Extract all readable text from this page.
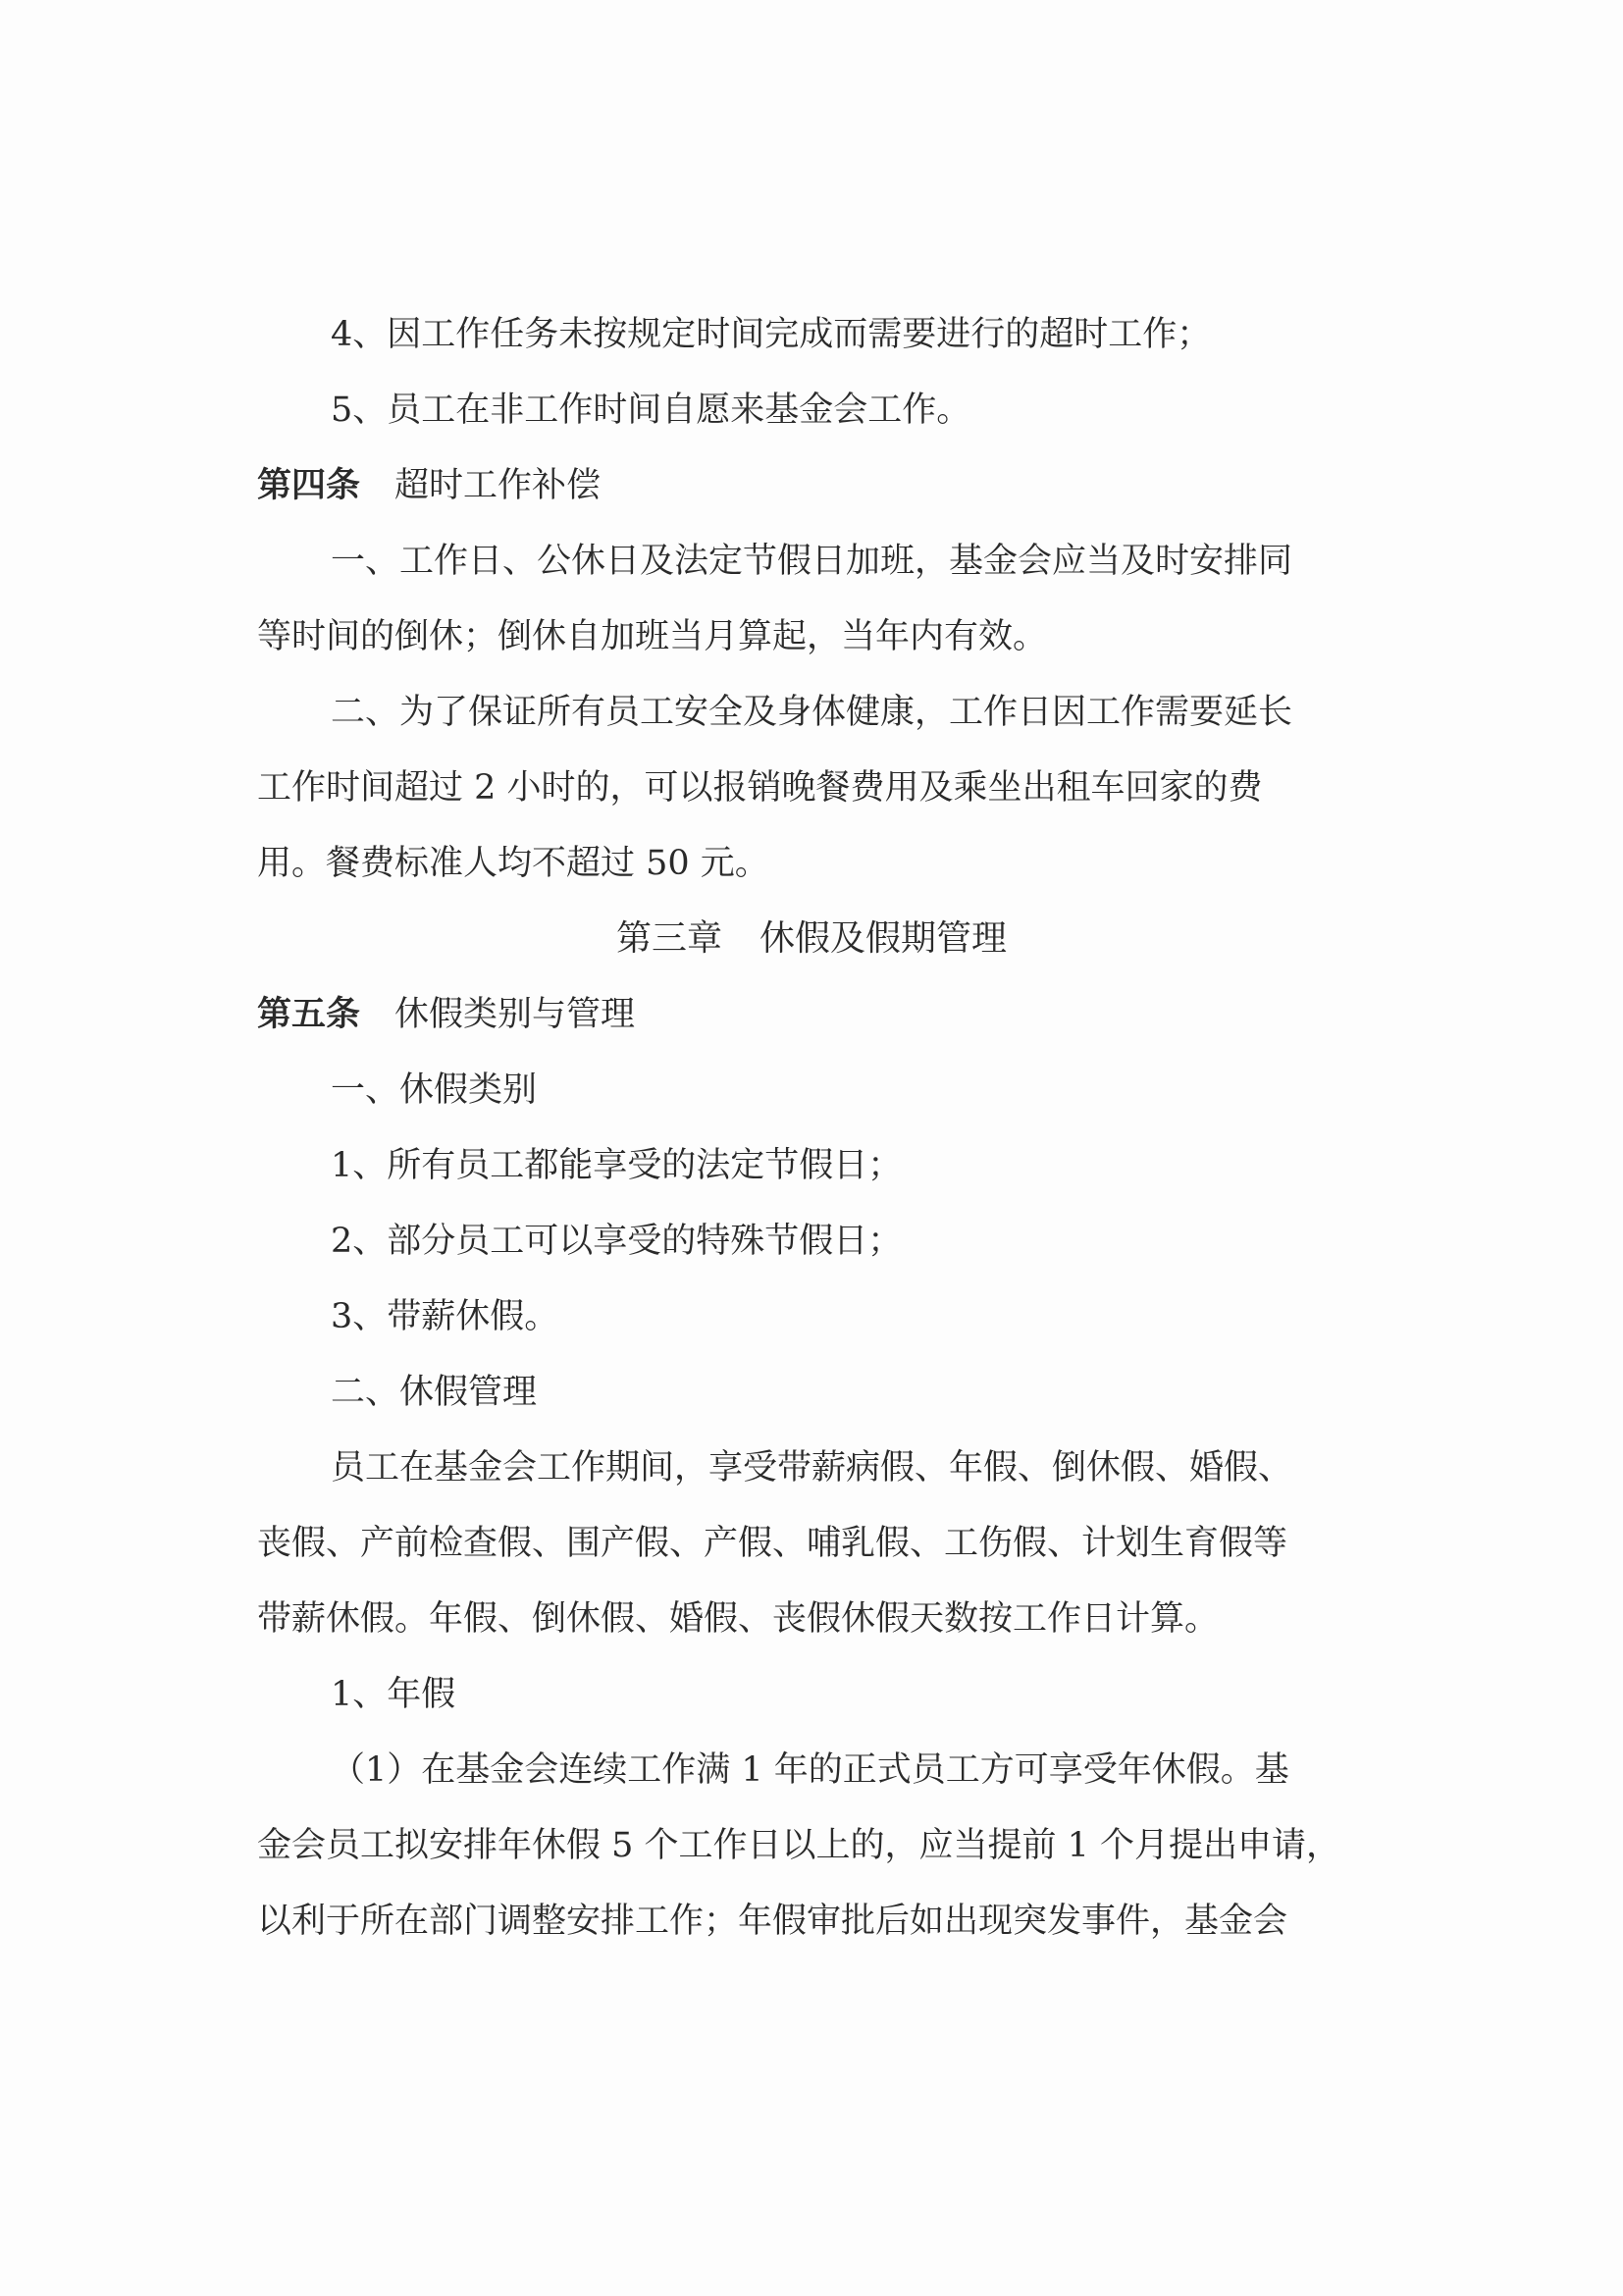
4、因工作任务未按规定时间完成而需要进行的超时工作；
5、员工在非工作时间自愿来基金会工作。
第四条 超时工作补偿
一、工作日、公休日及法定节假日加班，基金会应当及时安排同
等时间的倒休；倒休自加班当月算起，当年内有效。
二、为了保证所有员工安全及身体健康，工作日因工作需要延长
工作时间超过 2 小时的，可以报销晚餐费用及乘坐出租车回家的费
用。餐费标准人均不超过 50 元。
第三章 休假及假期管理
第五条 休假类别与管理
一、休假类别
1、所有员工都能享受的法定节假日；
2、部分员工可以享受的特殊节假日；
3、带薪休假。
二、休假管理
员工在基金会工作期间，享受带薪病假、年假、倒休假、婚假、
丧假、产前检查假、围产假、产假、哺乳假、工伤假、计划生育假等
带薪休假。年假、倒休假、婚假、丧假休假天数按工作日计算。
1、年假
（1）在基金会连续工作满 1 年的正式员工方可享受年休假。基
金会员工拟安排年休假 5 个工作日以上的，应当提前 1 个月提出申请，
以利于所在部门调整安排工作；年假审批后如出现突发事件，基金会
